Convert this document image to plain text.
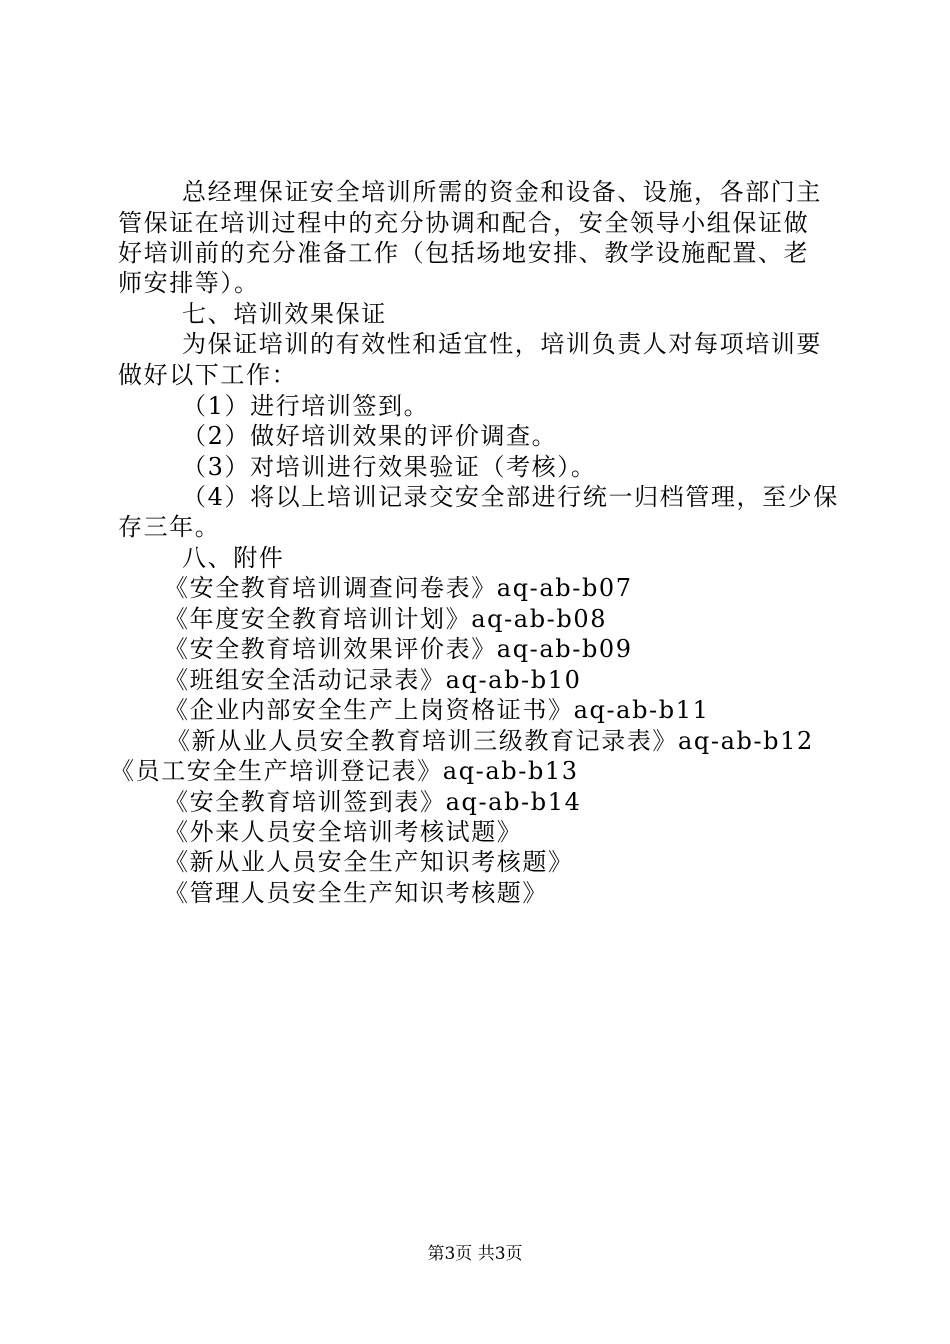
总经理保证安全培训所需的资金和设备、设施，各部门主
管保证在培训过程中的充分协调和配合，安全领导小组保证做
好培训前的充分准备工作（包括场地安排、教学设施配置、老
师安排等）。
七、培训效果保证
为保证培训的有效性和适宜性，培训负责人对每项培训要
做好以下工作：
（1）进行培训签到。
（2）做好培训效果的评价调查。
（3）对培训进行效果验证（考核）。
（4）将以上培训记录交安全部进行统一归档管理，至少保
存三年。
八、附件
《安全教育培训调查问卷表》aq-ab-b07
《年度安全教育培训计划》aq-ab-b08
《安全教育培训效果评价表》aq-ab-b09
《班组安全活动记录表》aq-ab-b10
《企业内部安全生产上岗资格证书》aq-ab-b11
《新从业人员安全教育培训三级教育记录表》aq-ab-b12
《员工安全生产培训登记表》aq-ab-b13
《安全教育培训签到表》aq-ab-b14
《外来人员安全培训考核试题》
《新从业人员安全生产知识考核题》
《管理人员安全生产知识考核题》
第3页 共3页
